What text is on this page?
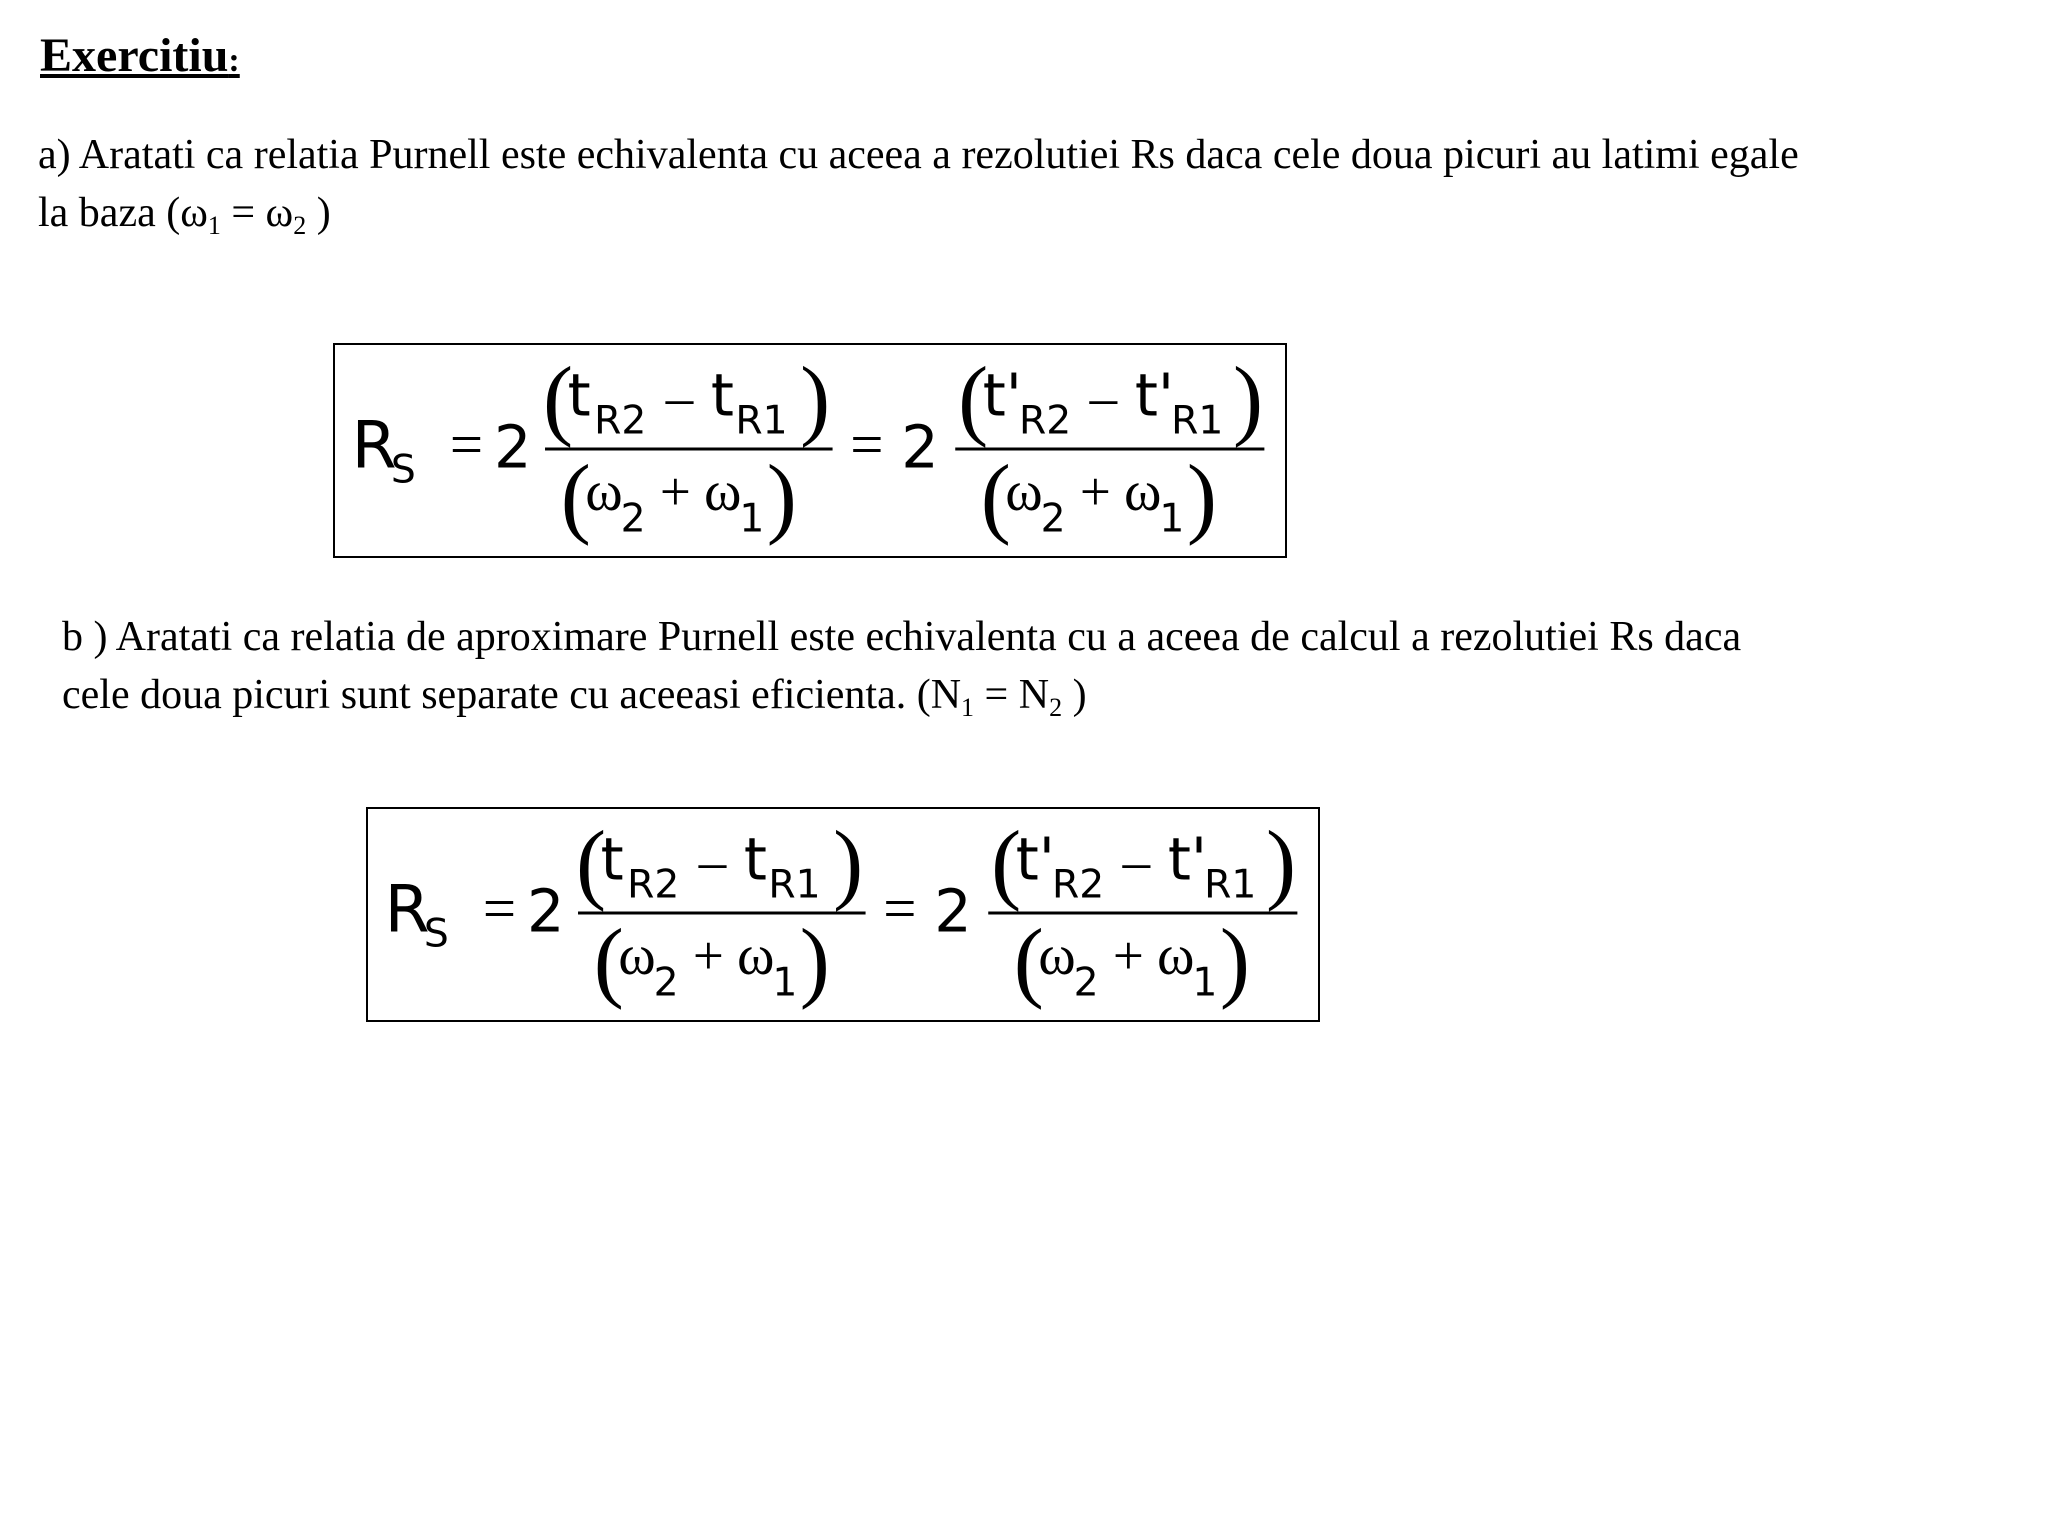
Exercitiu:
a) Aratati ca relatia Purnell este echivalenta cu aceea a rezolutiei Rs daca cele doua picuri au latimi egale
la baza ($\omega_1 = \omega_2$ )
R
S = 2 (
t R2 – t R1 )
(
ω
2 + ω
1 )
= 2 (
t'
R2 – t'
R1 )
(
ω
2 + ω
1 )
b ) Aratati ca relatia de aproximare Purnell este echivalenta cu a aceea de calcul a rezolutiei Rs daca
cele doua picuri sunt separate cu aceeasi eficienta. ($N_1 = N_2$ )
R
S = 2 (
t R2 – t R1 )
(
ω
2 + ω
1 )
= 2 (
t'
R2 – t'
R1 )
(
ω
2 + ω
1 )
